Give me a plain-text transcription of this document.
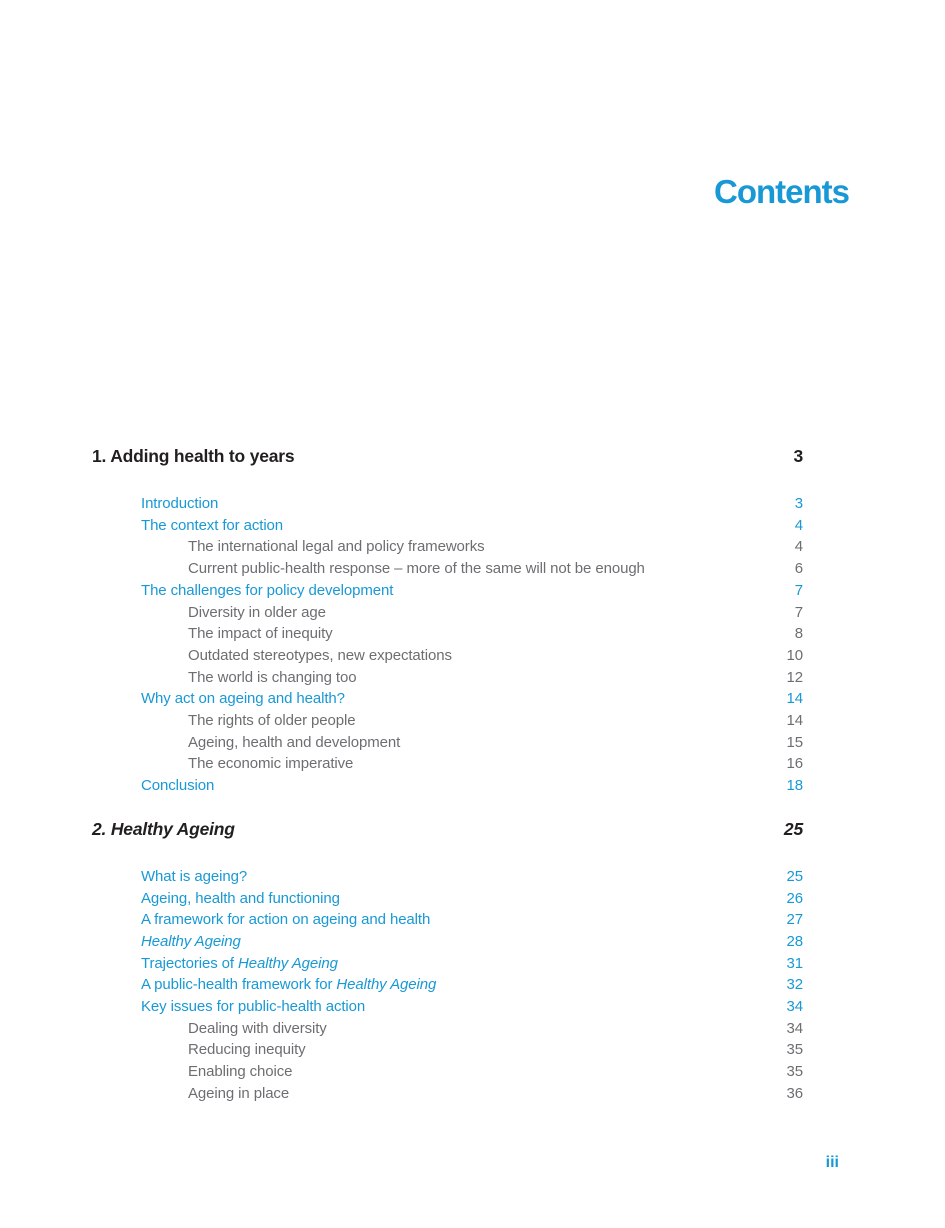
Contents
1. Adding health to years	3
Introduction	3
The context for action	4
The international legal and policy frameworks	4
Current public-health response – more of the same will not be enough	6
The challenges for policy development	7
Diversity in older age	7
The impact of inequity	8
Outdated stereotypes, new expectations	10
The world is changing too	12
Why act on ageing and health?	14
The rights of older people	14
Ageing, health and development	15
The economic imperative	16
Conclusion	18
2. Healthy Ageing	25
What is ageing?	25
Ageing, health and functioning	26
A framework for action on ageing and health	27
Healthy Ageing	28
Trajectories of Healthy Ageing	31
A public-health framework for Healthy Ageing	32
Key issues for public-health action	34
Dealing with diversity	34
Reducing inequity	35
Enabling choice	35
Ageing in place	36
iii
